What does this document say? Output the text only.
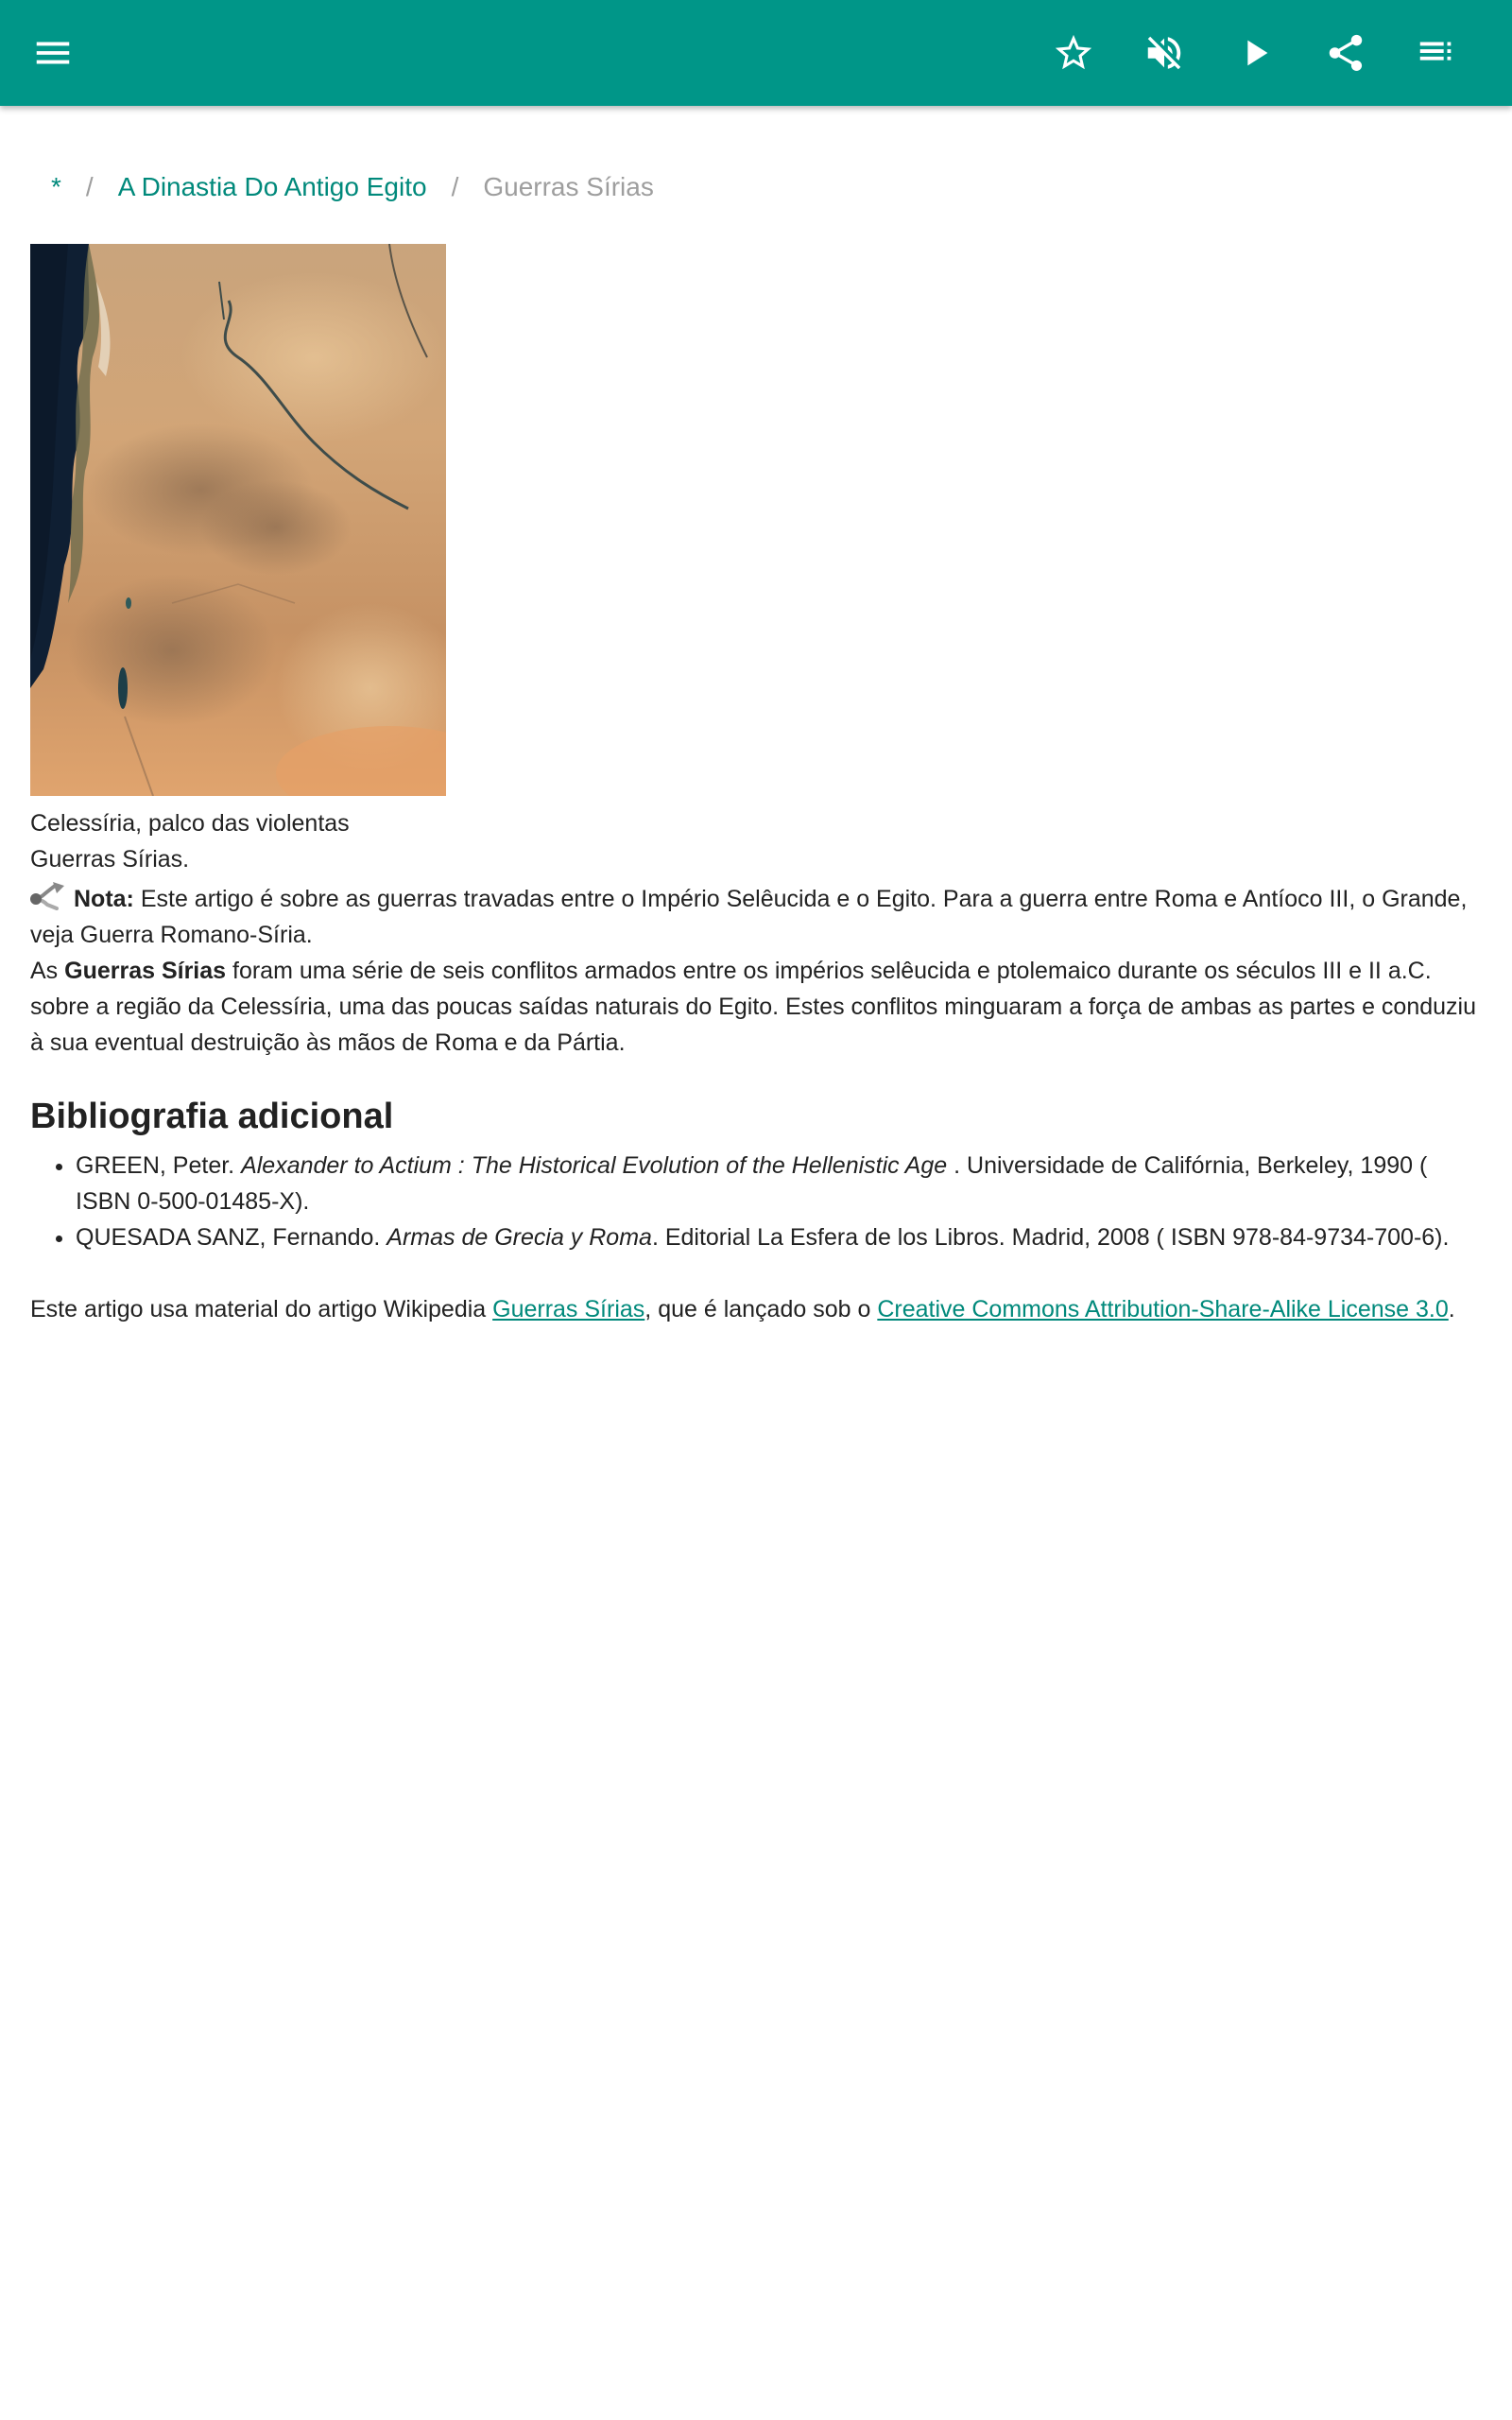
* / A Dinastia Do Antigo Egito / Guerras Sírias
Celessíria, palco das violentas
Guerras Sírias.

Nota: Este artigo é sobre as guerras travadas entre o Império Selêucida e o Egito. Para a guerra entre Roma e Antíoco III, o Grande, veja Guerra Romano-Síria.

As Guerras Sírias foram uma série de seis conflitos armados entre os impérios selêucida e ptolemaico durante os séculos III e II a.C. sobre a região da Celessíria, uma das poucas saídas naturais do Egito. Estes conflitos minguaram a força de ambas as partes e conduziu à sua eventual destruição às mãos de Roma e da Pártia.

Bibliografia adicional
• GREEN, Peter. Alexander to Actium : The Historical Evolution of the Hellenistic Age . Universidade de Califórnia, Berkeley, 1990 ( ISBN 0-500-01485-X).
• QUESADA SANZ, Fernando. Armas de Grecia y Roma. Editorial La Esfera de los Libros. Madrid, 2008 ( ISBN 978-84-9734-700-6).

Este artigo usa material do artigo Wikipedia Guerras Sírias, que é lançado sob o Creative Commons Attribution-Share-Alike License 3.0.
